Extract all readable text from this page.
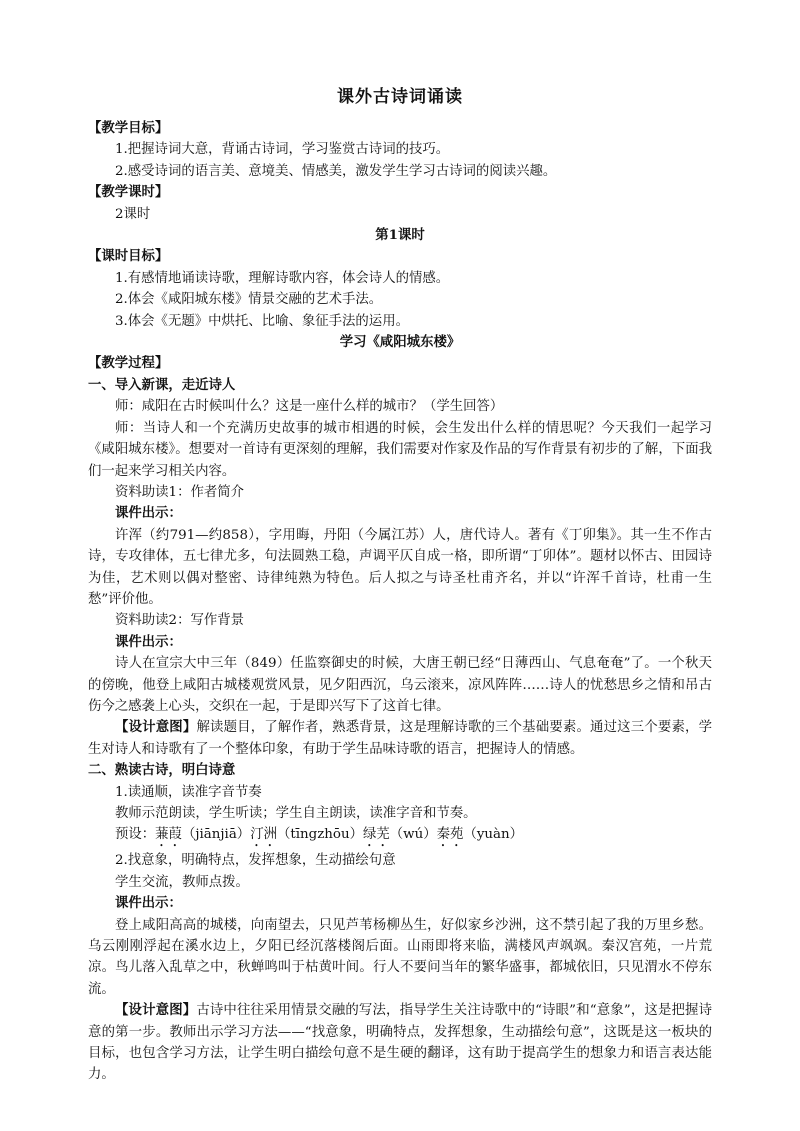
课外古诗词诵读

【教学目标】

1.把握诗词大意，背诵古诗词，学习鉴赏古诗词的技巧。

2.感受诗词的语言美、意境美、情感美，激发学生学习古诗词的阅读兴趣。

【教学课时】

2课时

第1课时

【课时目标】

1.有感情地诵读诗歌，理解诗歌内容，体会诗人的情感。

2.体会《咸阳城东楼》情景交融的艺术手法。

3.体会《无题》中烘托、比喻、象征手法的运用。

学习《咸阳城东楼》

【教学过程】

一、导入新课，走近诗人

师：咸阳在古时候叫什么？这是一座什么样的城市？（学生回答）

师：当诗人和一个充满历史故事的城市相遇的时候，会生发出什么样的情思呢？今天我们一起学习《咸阳城东楼》。想要对一首诗有更深刻的理解，我们需要对作家及作品的写作背景有初步的了解，下面我们一起来学习相关内容。

资料助读1：作者简介

课件出示：

许浑（约791—约858），字用晦，丹阳（今属江苏）人，唐代诗人。著有《丁卯集》。其一生不作古诗，专攻律体，五七律尤多，句法圆熟工稳，声调平仄自成一格，即所谓“丁卯体”。题材以怀古、田园诗为佳，艺术则以偶对整密、诗律纯熟为特色。后人拟之与诗圣杜甫齐名，并以“许浑千首诗，杜甫一生愁”评价他。

资料助读2：写作背景

课件出示：

诗人在宣宗大中三年（849）任监察御史的时候，大唐王朝已经“日薄西山、气息奄奄”了。一个秋天的傍晚，他登上咸阳古城楼观赏风景，见夕阳西沉，乌云滚来，凉风阵阵……诗人的忧愁思乡之情和吊古伤今之感袭上心头，交织在一起，于是即兴写下了这首七律。

【设计意图】解读题目，了解作者，熟悉背景，这是理解诗歌的三个基础要素。通过这三个要素，学生对诗人和诗歌有了一个整体印象，有助于学生品味诗歌的语言，把握诗人的情感。

二、熟读古诗，明白诗意

1.读通顺，读准字音节奏

教师示范朗读，学生听读；学生自主朗读，读准字音和节奏。

预设：蒹葭（jiānjiā）汀洲（tīngzhōu）绿芜（wú）秦苑（yuàn）

2.找意象，明确特点，发挥想象，生动描绘句意

学生交流，教师点拨。

课件出示：

登上咸阳高高的城楼，向南望去，只见芦苇杨柳丛生，好似家乡沙洲，这不禁引起了我的万里乡愁。乌云刚刚浮起在溪水边上，夕阳已经沉落楼阁后面。山雨即将来临，满楼风声飒飒。秦汉宫苑，一片荒凉。鸟儿落入乱草之中，秋蝉鸣叫于枯黄叶间。行人不要问当年的繁华盛事，都城依旧，只见渭水不停东流。

【设计意图】古诗中往往采用情景交融的写法，指导学生关注诗歌中的“诗眼”和“意象”，这是把握诗意的第一步。教师出示学习方法——“找意象，明确特点，发挥想象，生动描绘句意”，这既是这一板块的目标，也包含学习方法，让学生明白描绘句意不是生硬的翻译，这有助于提高学生的想象力和语言表达能力。
